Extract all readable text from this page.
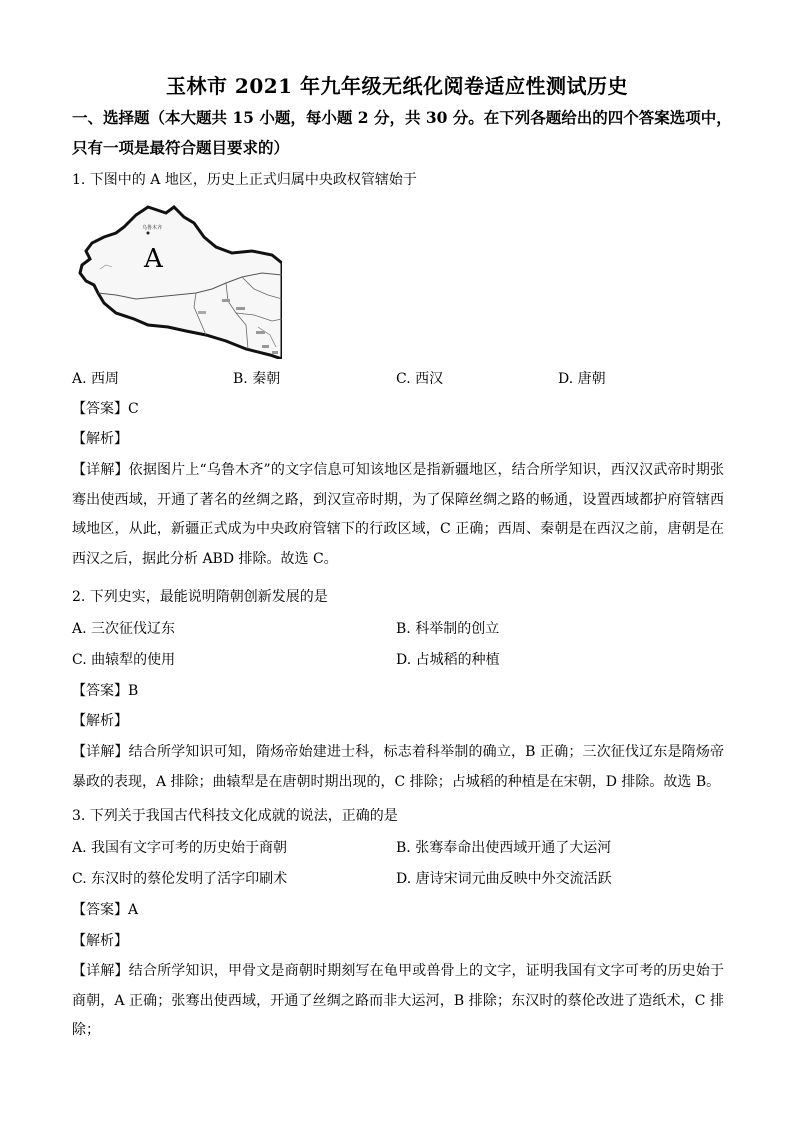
玉林市 2021 年九年级无纸化阅卷适应性测试历史
一、选择题（本大题共 15 小题，每小题 2 分，共 30 分。在下列各题给出的四个答案选项中，
只有一项是最符合题目要求的）
1. 下图中的 A 地区，历史上正式归属中央政权管辖始于
乌鲁木齐
A
A. 西周	B. 秦朝	C. 西汉	D. 唐朝
【答案】C
【解析】
【详解】依据图片上“乌鲁木齐”的文字信息可知该地区是指新疆地区，结合所学知识，西汉汉武帝时期张骞出使西域，开通了著名的丝绸之路，到汉宣帝时期，为了保障丝绸之路的畅通，设置西域都护府管辖西域地区，从此，新疆正式成为中央政府管辖下的行政区域，C 正确；西周、秦朝是在西汉之前，唐朝是在西汉之后，据此分析 ABD 排除。故选 C。
2. 下列史实，最能说明隋朝创新发展的是
A. 三次征伐辽东	B. 科举制的创立
C. 曲辕犁的使用	D. 占城稻的种植
【答案】B
【解析】
【详解】结合所学知识可知，隋炀帝始建进士科，标志着科举制的确立，B 正确；三次征伐辽东是隋炀帝暴政的表现，A 排除；曲辕犁是在唐朝时期出现的，C 排除；占城稻的种植是在宋朝，D 排除。故选 B。
3. 下列关于我国古代科技文化成就的说法，正确的是
A. 我国有文字可考的历史始于商朝	B. 张骞奉命出使西域开通了大运河
C. 东汉时的蔡伦发明了活字印刷术	D. 唐诗宋词元曲反映中外交流活跃
【答案】A
【解析】
【详解】结合所学知识，甲骨文是商朝时期刻写在龟甲或兽骨上的文字，证明我国有文字可考的历史始于商朝，A 正确；张骞出使西域，开通了丝绸之路而非大运河，B 排除；东汉时的蔡伦改进了造纸术，C 排除；
